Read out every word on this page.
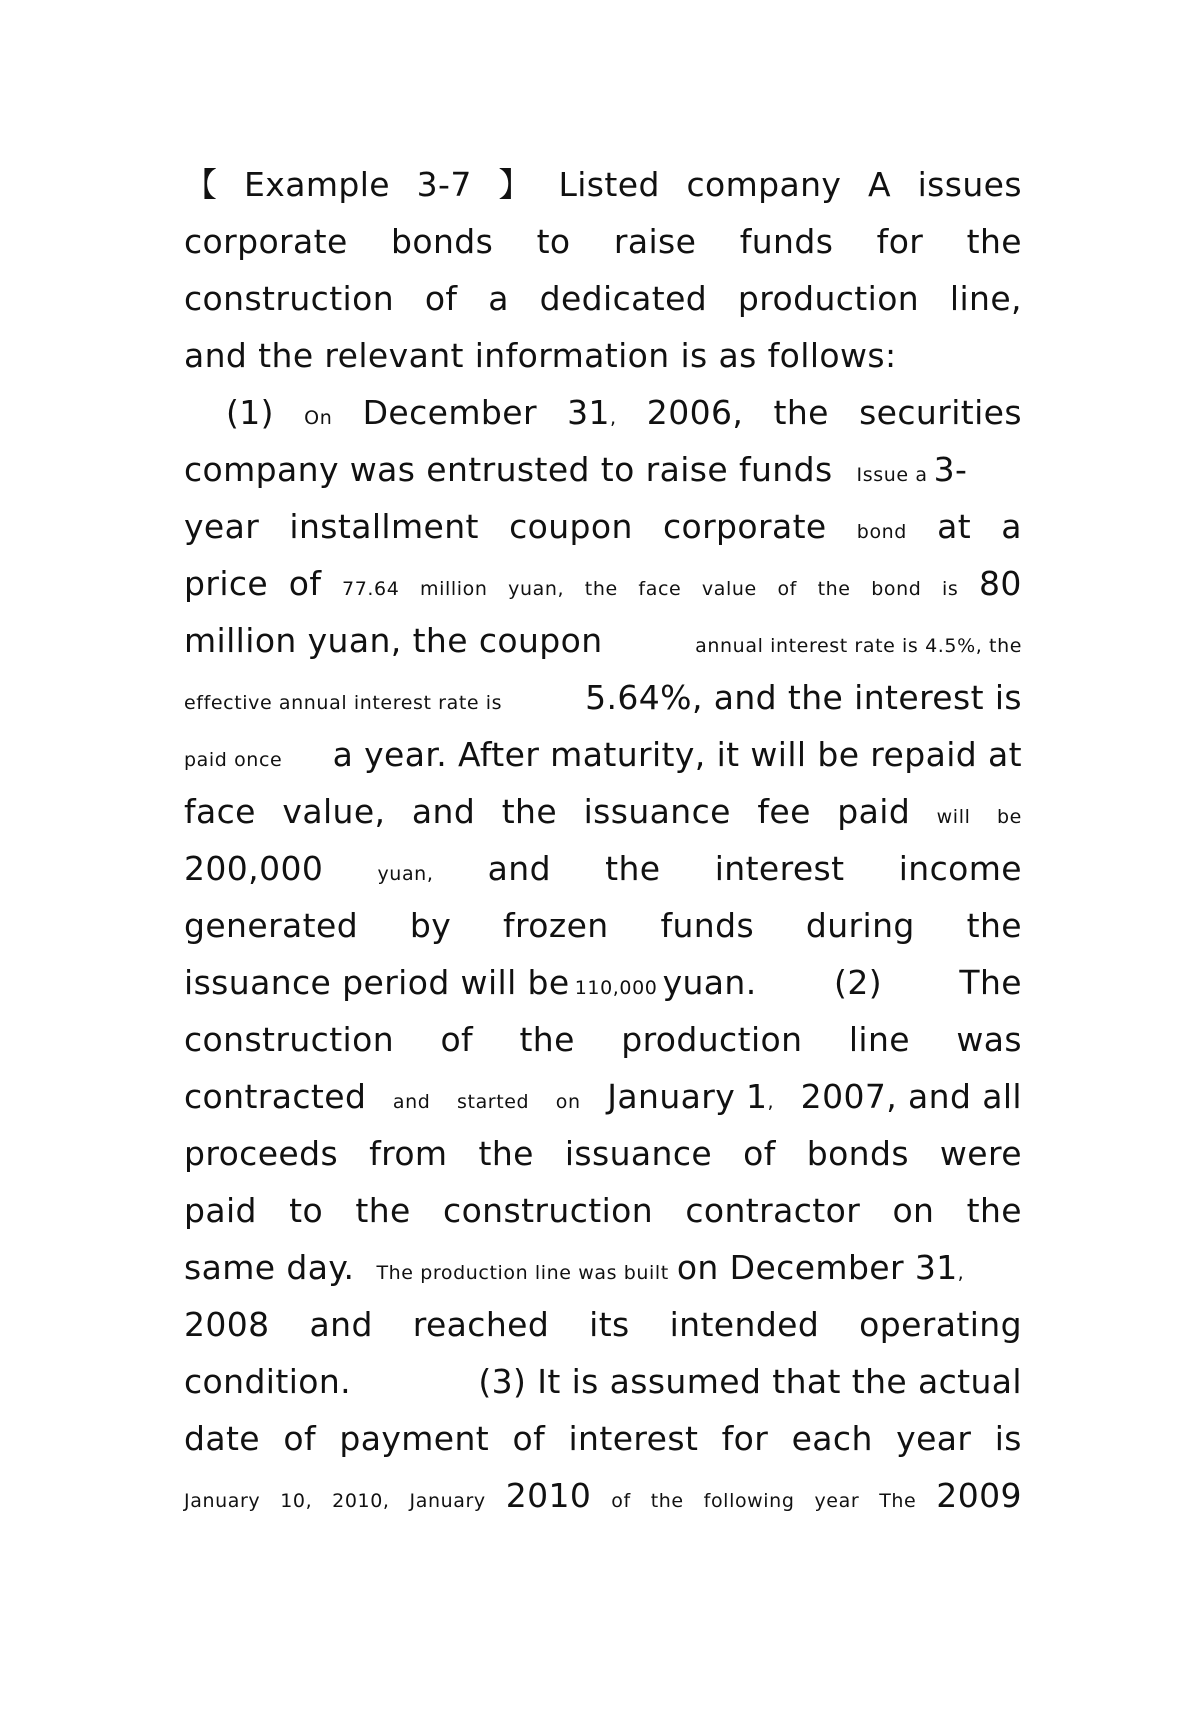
【 Example 3-7 】 Listed company A issues
corporate bonds to raise funds for the
construction of a dedicated production line,
and the relevant information is as follows:
(1) On December 31, 2006, the securities
company was entrusted to raise funds Issue a 3-
year installment coupon corporate bond at a
price of 77.64 million yuan, the face value of the bond is 80
million yuan, the coupon	annual interest rate is 4.5%, the
effective annual interest rate is	5.64%, and the interest is
paid once a year. After maturity, it will be repaid at
face value, and the issuance fee paid will be
200,000	yuan, and the interest income
generated by frozen funds during the
issuance period will be 110,000 yuan. (2) The
construction of the production line was
contracted and started on January 1, 2007, and all
proceeds from the issuance of bonds were
paid to the construction contractor on the
same day. The production line was built on December 31 ,
2008 and reached its intended operating
condition.	(3) It is assumed that the actual
date of payment of interest for each year is
January 10, 2010, January 2010 of the following year The 2009
